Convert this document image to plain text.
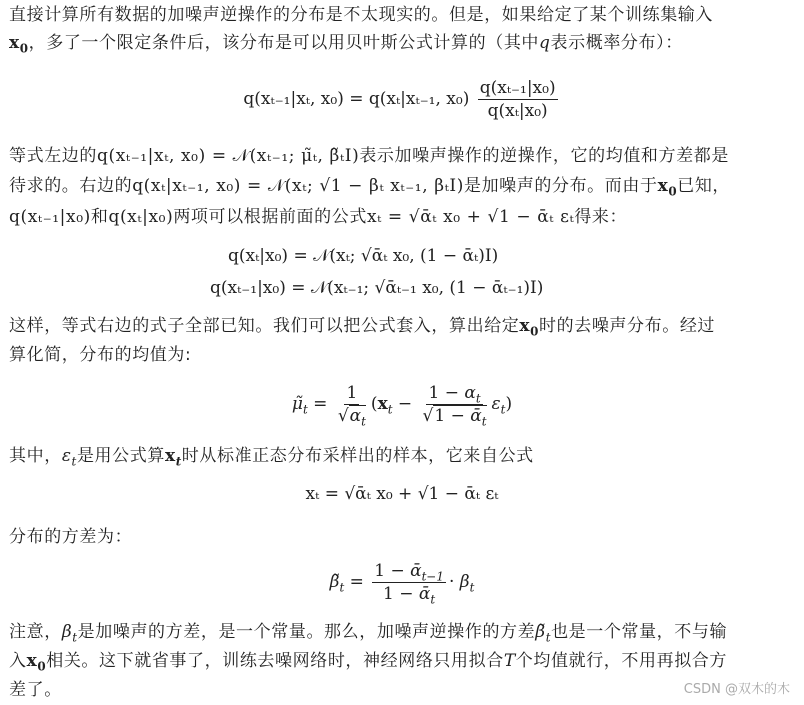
直接计算所有数据的加噪声逆操作的分布是不太现实的。但是，如果给定了某个训练集输入

$x_0$，多了一个限定条件后，该分布是可以用贝叶斯公式计算的（其中q表示概率分布）：

q(xₜ₋₁|xₜ, x₀) = q(xₜ|xₜ₋₁, $x_0) \frac{\text{q(xₜ₋₁|x₀)}}{\text{q(xₜ|x₀)}}$

等式左边的q(xₜ₋₁|xₜ, x₀) = 𝒩(xₜ₋₁; μ̃ₜ, β̃ₜI)表示加噪声操作的逆操作，它的均值和方差都是

待求的。右边的q(xₜ|xₜ₋₁, x₀) = 𝒩(xₜ; √1 − βₜ xₜ₋₁, βₜI)是加噪声的分布。而由于$x_0$已知，

q(xₜ₋₁|x₀)和q(xₜ|x₀)两项可以根据前面的公式xₜ = √ᾱₜ x₀ + √1 − ᾱₜ εₜ得来：

q(xₜ|x₀) = 𝒩(xₜ; √ᾱₜ x₀, (1 − ᾱₜ)I)
q(xₜ₋₁|x₀) = 𝒩(xₜ₋₁; √ᾱₜ₋₁ x₀, (1 − ᾱₜ₋₁)I)

这样，等式右边的式子全部已知。我们可以把公式套入，算出给定$x_0$时的去噪声分布。经过

算化简，分布的均值为:

$\mũ_t = \frac{1}{√\alpha_t} (x_t - \frac{1 - \alpha_t}{√1 - ᾱ_t} \varepsilon_t)$

其中，$\varepsilon_t$是用公式算$x_t$时从标准正态分布采样出的样本，它来自公式

xₜ = √ᾱₜ x₀ + √1 − ᾱₜ εₜ

分布的方差为：

$\betã_t = \frac{1 - ᾱ_{t-1}}{1 - ᾱ_t} \cdot \beta_t$

注意，$\beta_t$是加噪声的方差，是一个常量。那么，加噪声逆操作的方差$\betã_t$也是一个常量，不与输

入$x_0$相关。这下就省事了，训练去噪网络时，神经网络只用拟合T个均值就行，不用再拟合方

差了。	CSDN @双木的木
